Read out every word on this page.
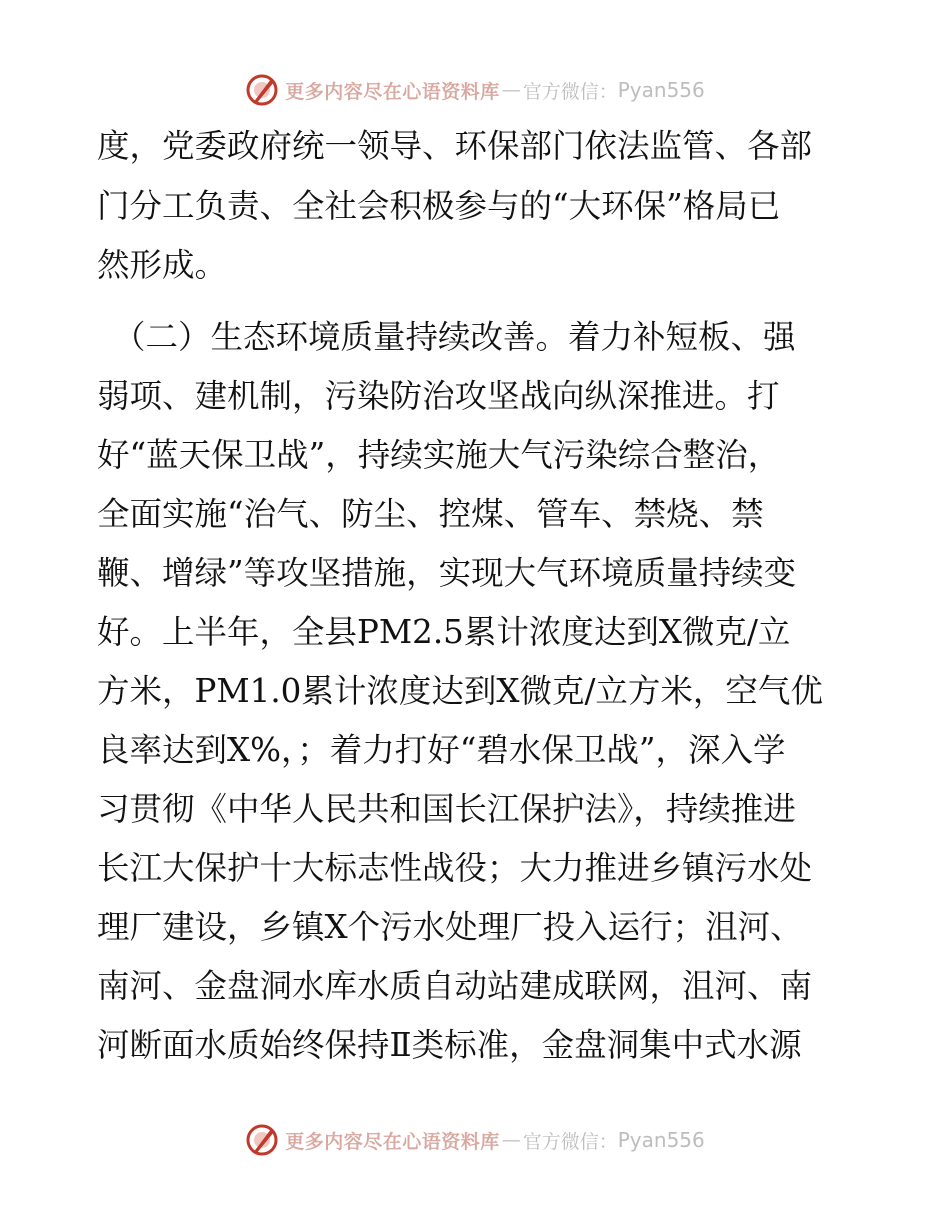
更多内容尽在心语资料库 — 官方微信： Pyan556
度，党委政府统一领导、环保部门依法监管、各部
门分工负责、全社会积极参与的“大环保”格局已
然形成。
（二）生态环境质量持续改善。着力补短板、强
弱项、建机制，污染防治攻坚战向纵深推进。打
好“蓝天保卫战”，持续实施大气污染综合整治，
全面实施“治气、防尘、控煤、管车、禁烧、禁
鞭、增绿”等攻坚措施，实现大气环境质量持续变
好。上半年，全县PM2.5累计浓度达到X微克/立
方米，PM1.0累计浓度达到X微克/立方米，空气优
良率达到X%，；着力打好“碧水保卫战”，深入学
习贯彻《中华人民共和国长江保护法》，持续推进
长江大保护十大标志性战役；大力推进乡镇污水处
理厂建设，乡镇X个污水处理厂投入运行；沮河、
南河、金盘洞水库水质自动站建成联网，沮河、南
河断面水质始终保持Ⅱ类标准，金盘洞集中式水源
更多内容尽在心语资料库 — 官方微信： Pyan556
